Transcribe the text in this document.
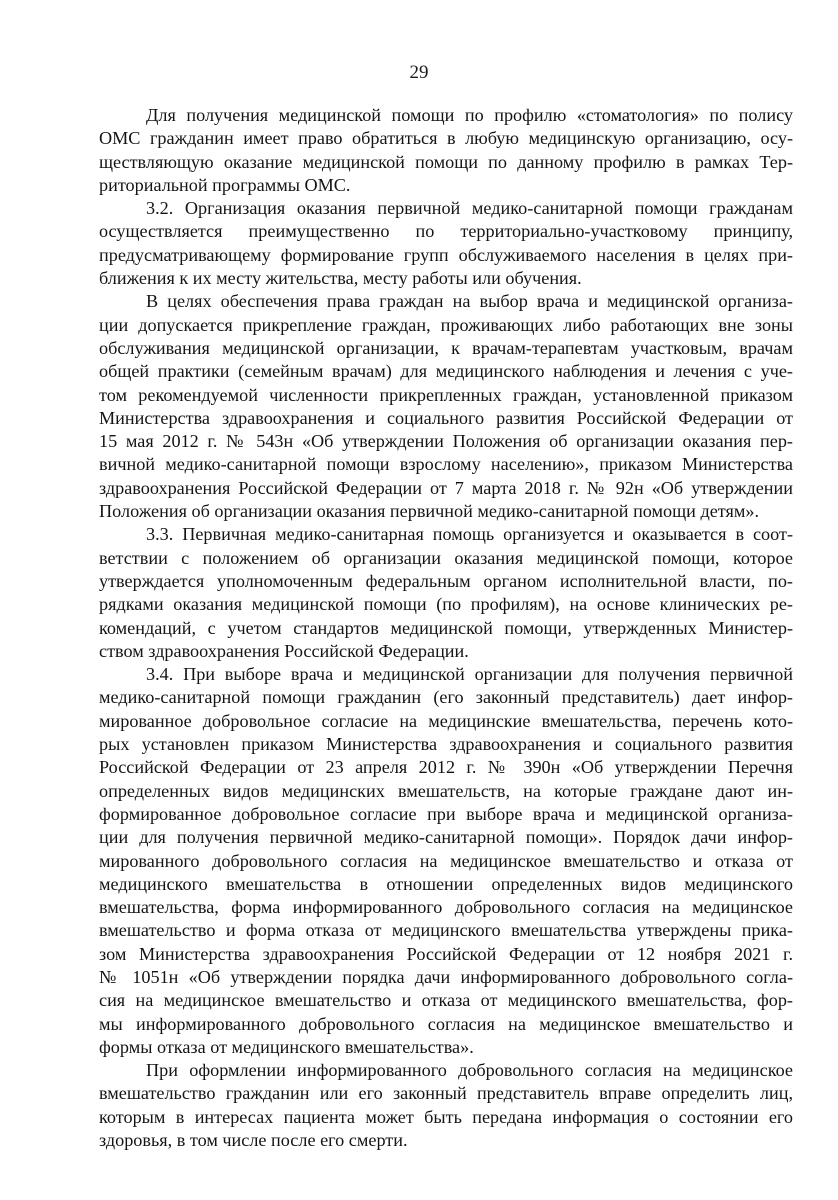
29
Для получения медицинской помощи по профилю «стоматология» по полису
ОМС гражданин имеет право обратиться в любую медицинскую организацию, осу-
ществляющую оказание медицинской помощи по данному профилю в рамках Тер-
риториальной программы ОМС.
3.2. Организация оказания первичной медико-санитарной помощи гражданам
осуществляется преимущественно по территориально-участковому принципу,
предусматривающему формирование групп обслуживаемого населения в целях при-
ближения к их месту жительства, месту работы или обучения.
В целях обеспечения права граждан на выбор врача и медицинской организа-
ции допускается прикрепление граждан, проживающих либо работающих вне зоны
обслуживания медицинской организации, к врачам-терапевтам участковым, врачам
общей практики (семейным врачам) для медицинского наблюдения и лечения с уче-
том рекомендуемой численности прикрепленных граждан, установленной приказом
Министерства здравоохранения и социального развития Российской Федерации от
15 мая 2012 г. № 543н «Об утверждении Положения об организации оказания пер-
вичной медико-санитарной помощи взрослому населению», приказом Министерства
здравоохранения Российской Федерации от 7 марта 2018 г. № 92н «Об утверждении
Положения об организации оказания первичной медико-санитарной помощи детям».
3.3. Первичная медико-санитарная помощь организуется и оказывается в соот-
ветствии с положением об организации оказания медицинской помощи, которое
утверждается уполномоченным федеральным органом исполнительной власти, по-
рядками оказания медицинской помощи (по профилям), на основе клинических ре-
комендаций, с учетом стандартов медицинской помощи, утвержденных Министер-
ством здравоохранения Российской Федерации.
3.4. При выборе врача и медицинской организации для получения первичной
медико-санитарной помощи гражданин (его законный представитель) дает инфор-
мированное добровольное согласие на медицинские вмешательства, перечень кото-
рых установлен приказом Министерства здравоохранения и социального развития
Российской Федерации от 23 апреля 2012 г. № 390н «Об утверждении Перечня
определенных видов медицинских вмешательств, на которые граждане дают ин-
формированное добровольное согласие при выборе врача и медицинской организа-
ции для получения первичной медико-санитарной помощи». Порядок дачи инфор-
мированного добровольного согласия на медицинское вмешательство и отказа от
медицинского вмешательства в отношении определенных видов медицинского
вмешательства, форма информированного добровольного согласия на медицинское
вмешательство и форма отказа от медицинского вмешательства утверждены прика-
зом Министерства здравоохранения Российской Федерации от 12 ноября 2021 г.
№ 1051н «Об утверждении порядка дачи информированного добровольного согла-
сия на медицинское вмешательство и отказа от медицинского вмешательства, фор-
мы информированного добровольного согласия на медицинское вмешательство и
формы отказа от медицинского вмешательства».
При оформлении информированного добровольного согласия на медицинское
вмешательство гражданин или его законный представитель вправе определить лиц,
которым в интересах пациента может быть передана информация о состоянии его
здоровья, в том числе после его смерти.
